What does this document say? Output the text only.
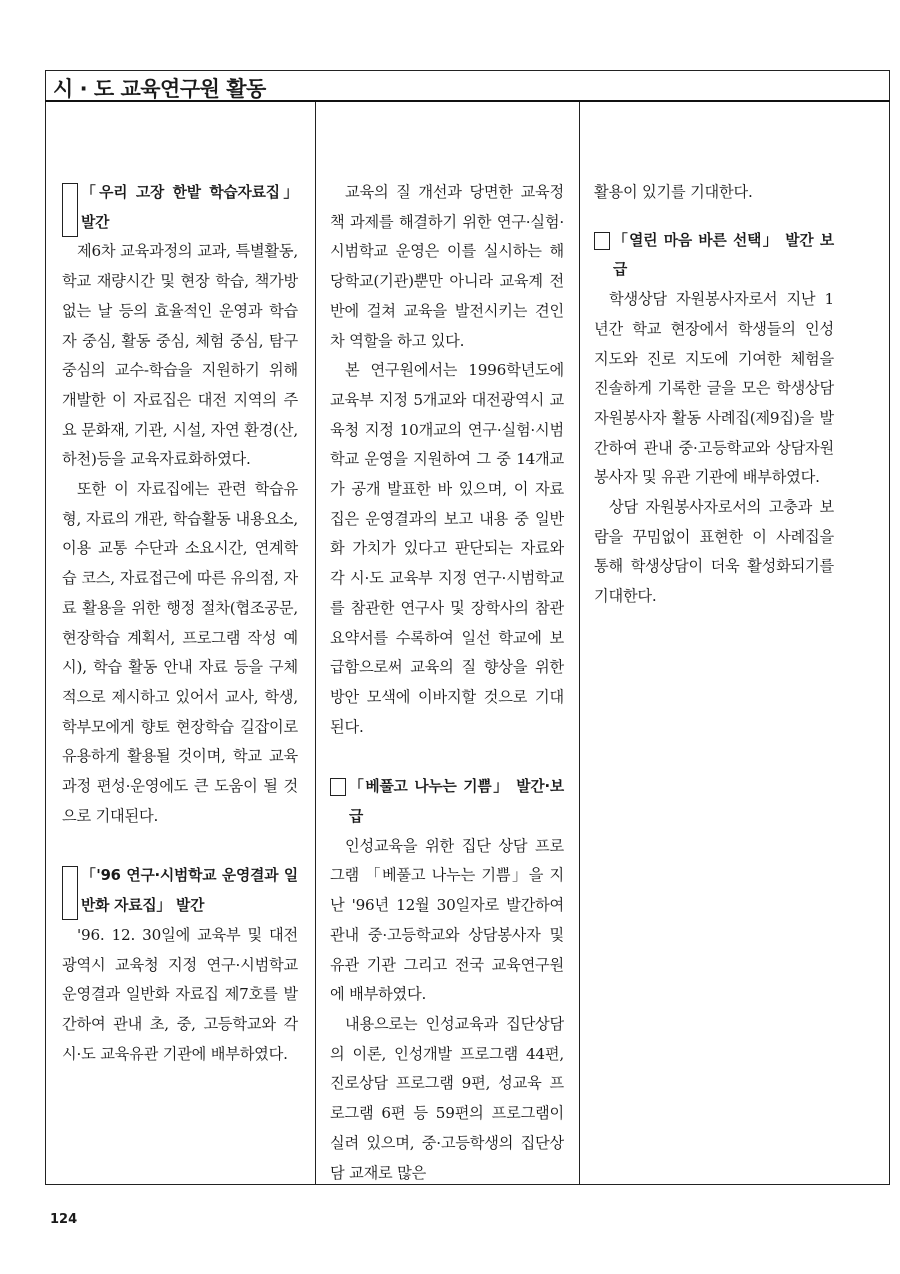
시 · 도 교육연구원 활동
「우리 고장 한밭 학습자료집」 발간

제6차 교육과정의 교과, 특별활동, 학교 재량시간 및 현장 학습, 책가방 없는 날 등의 효율적인 운영과 학습자 중심, 활동 중심, 체험 중심, 탐구 중심의 교수-학습을 지원하기 위해 개발한 이 자료집은 대전 지역의 주요 문화재, 기관, 시설, 자연 환경(산, 하천)등을 교육자료화하였다.

또한 이 자료집에는 관련 학습유형, 자료의 개관, 학습활동 내용요소, 이용 교통 수단과 소요시간, 연계학습 코스, 자료접근에 따른 유의점, 자료 활용을 위한 행정 절차(협조공문, 현장학습 계획서, 프로그램 작성 예시), 학습 활동 안내 자료 등을 구체적으로 제시하고 있어서 교사, 학생, 학부모에게 향토 현장학습 길잡이로 유용하게 활용될 것이며, 학교 교육과정 편성·운영에도 큰 도움이 될 것으로 기대된다.

「'96 연구·시범학교 운영결과 일반화 자료집」 발간

'96. 12. 30일에 교육부 및 대전광역시 교육청 지정 연구·시범학교 운영결과 일반화 자료집 제7호를 발간하여 관내 초, 중, 고등학교와 각 시·도 교육유관 기관에 배부하였다.

교육의 질 개선과 당면한 교육정책 과제를 해결하기 위한 연구·실험·시범학교 운영은 이를 실시하는 해당학교(기관)뿐만 아니라 교육계 전반에 걸쳐 교육을 발전시키는 견인차 역할을 하고 있다.

본 연구원에서는 1996학년도에 교육부 지정 5개교와 대전광역시 교육청 지정 10개교의 연구·실험·시범학교 운영을 지원하여 그 중 14개교가 공개 발표한 바 있으며, 이 자료집은 운영결과의 보고 내용 중 일반화 가치가 있다고 판단되는 자료와 각 시·도 교육부 지정 연구·시범학교를 참관한 연구사 및 장학사의 참관 요약서를 수록하여 일선 학교에 보급함으로써 교육의 질 향상을 위한 방안 모색에 이바지할 것으로 기대된다.

「베풀고 나누는 기쁨」 발간·보급

인성교육을 위한 집단 상담 프로그램 「베풀고 나누는 기쁨」을 지난 '96년 12월 30일자로 발간하여 관내 중·고등학교와 상담봉사자 및 유관 기관 그리고 전국 교육연구원에 배부하였다.

내용으로는 인성교육과 집단상담의 이론, 인성개발 프로그램 44편, 진로상담 프로그램 9편, 성교육 프로그램 6편 등 59편의 프로그램이 실려 있으며, 중·고등학생의 집단상담 교재로 많은

활용이 있기를 기대한다.

「열린 마음 바른 선택」 발간 보급

학생상담 자원봉사자로서 지난 1년간 학교 현장에서 학생들의 인성 지도와 진로 지도에 기여한 체험을 진솔하게 기록한 글을 모은 학생상담 자원봉사자 활동 사례집(제9집)을 발간하여 관내 중·고등학교와 상담자원 봉사자 및 유관 기관에 배부하였다.

상담 자원봉사자로서의 고충과 보람을 꾸밈없이 표현한 이 사례집을 통해 학생상담이 더욱 활성화되기를 기대한다.

124
